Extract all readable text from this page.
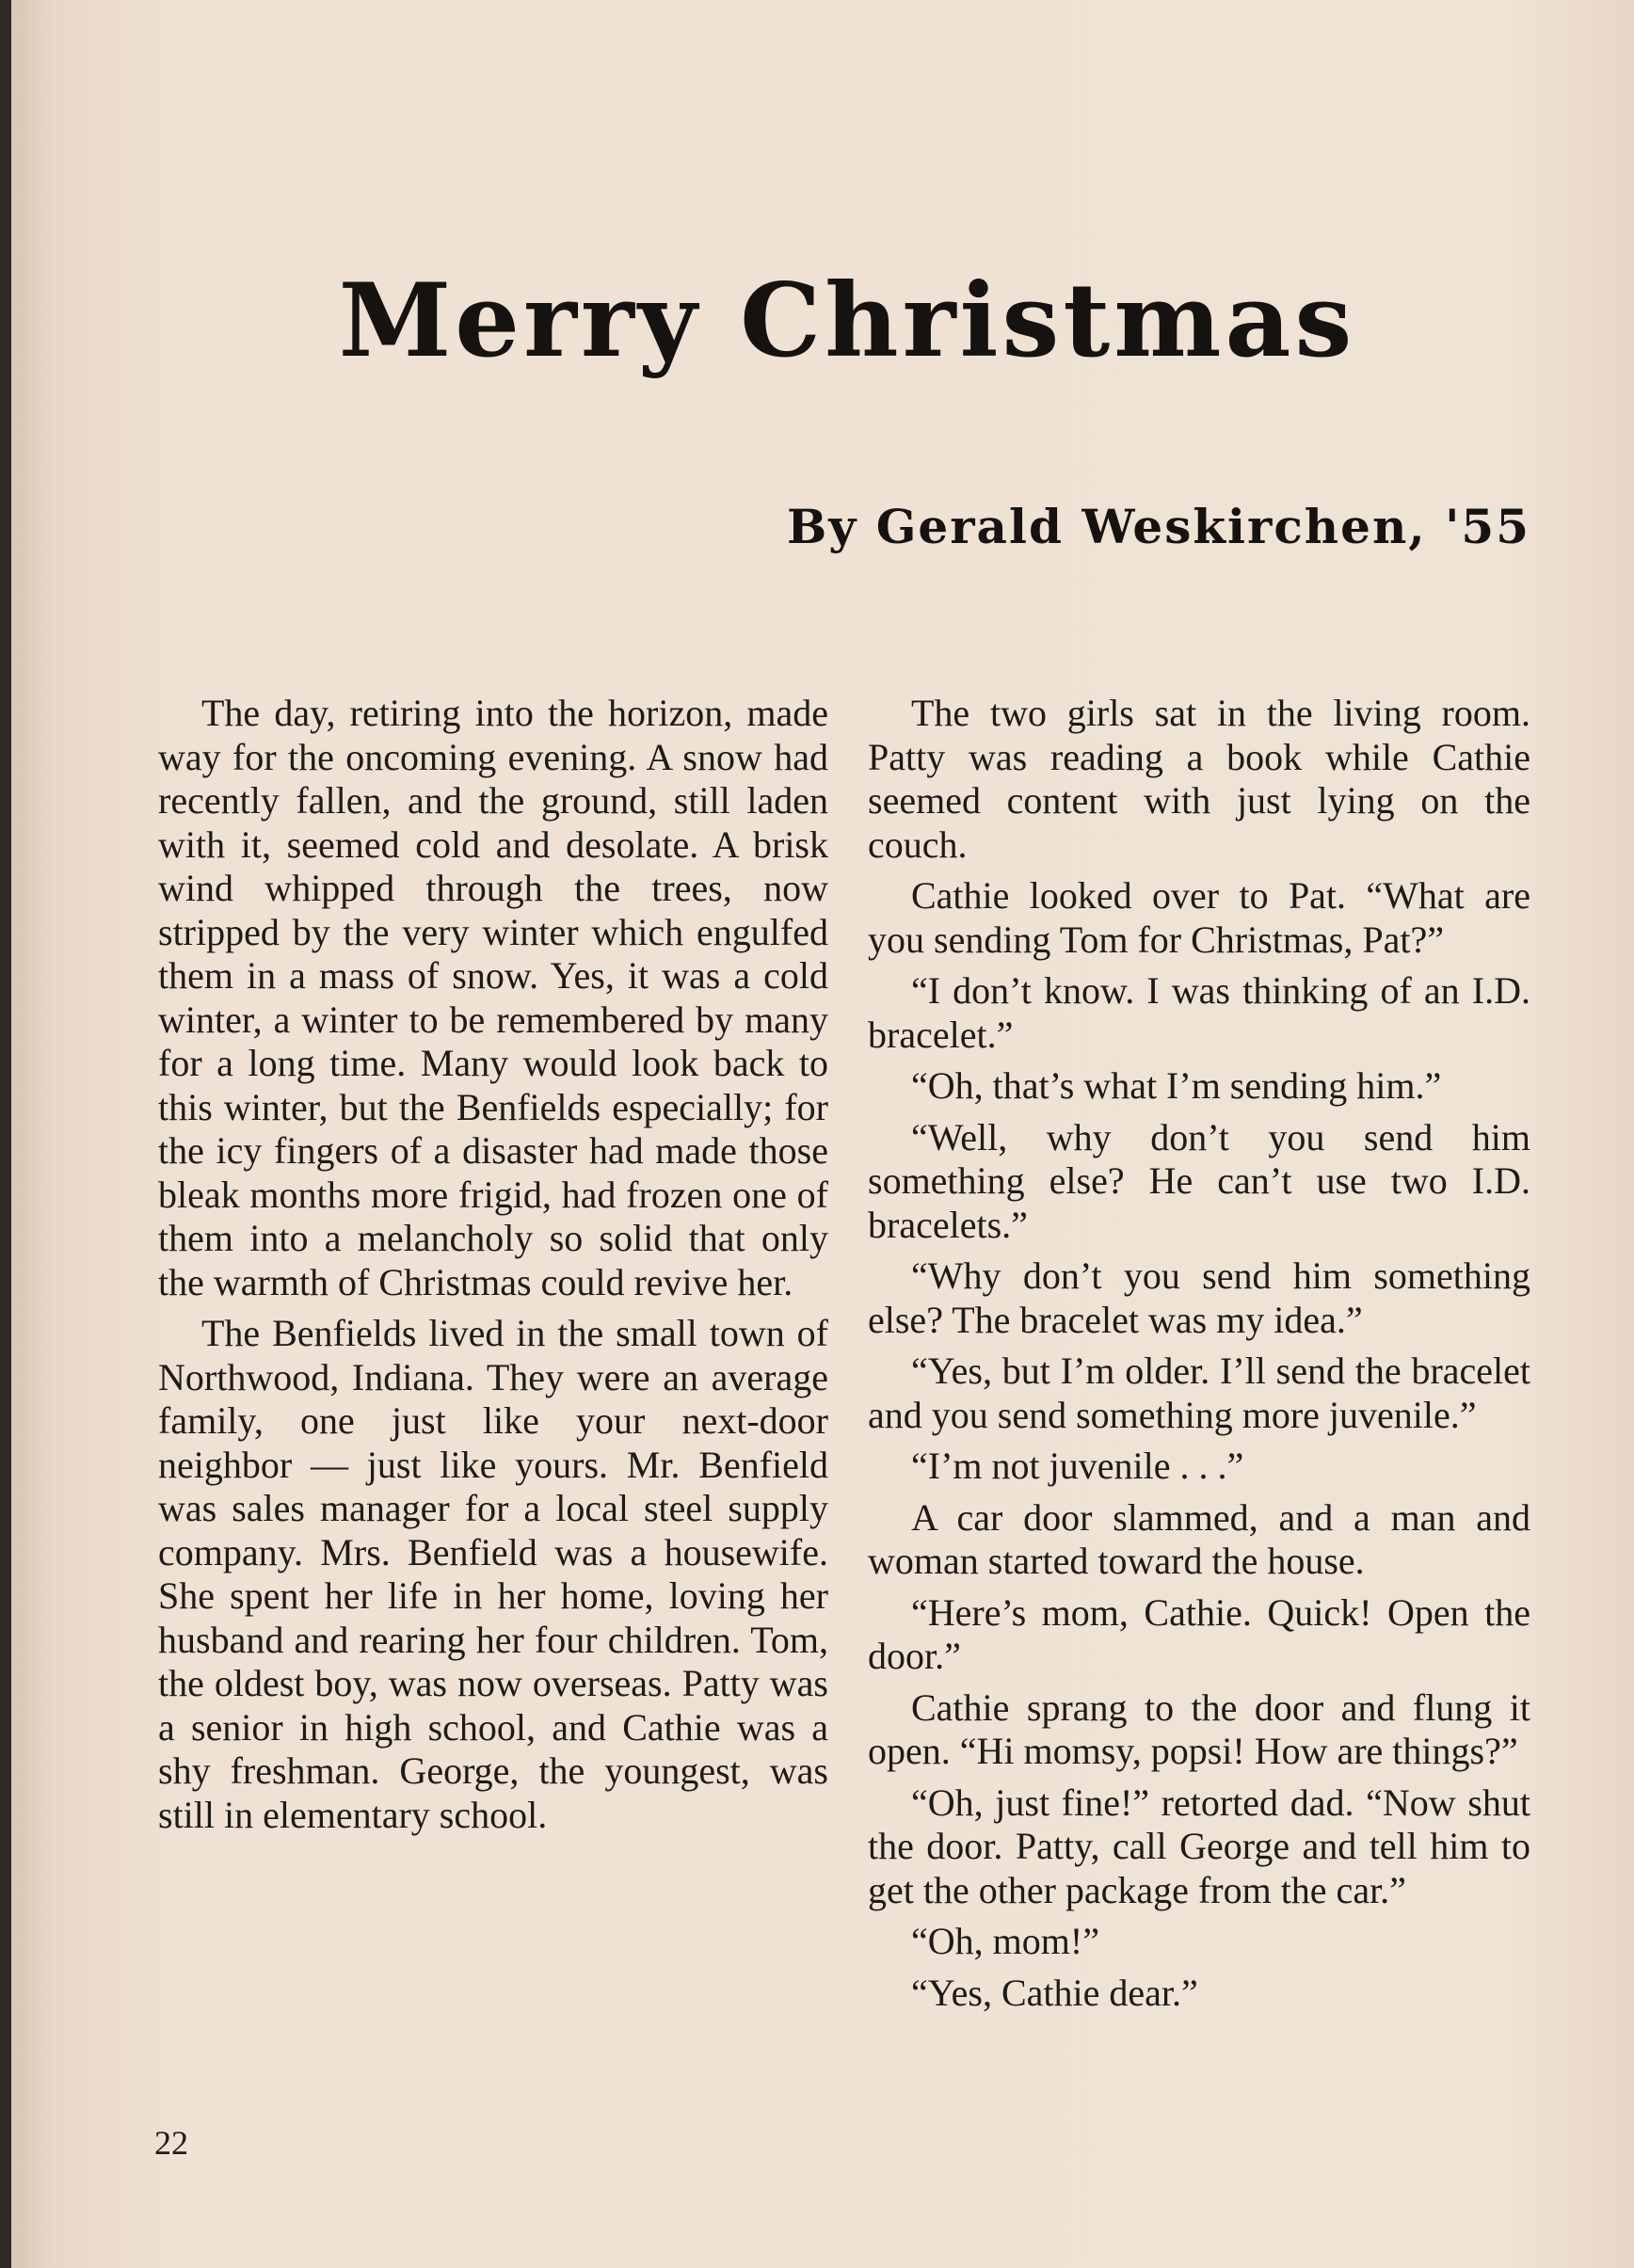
Merry Christmas
By Gerald Weskirchen, '55

The day, retiring into the horizon, made way for the oncoming evening. A snow had recently fallen, and the ground, still laden with it, seemed cold and desolate. A brisk wind whipped through the trees, now stripped by the very winter which engulfed them in a mass of snow. Yes, it was a cold winter, a winter to be remembered by many for a long time. Many would look back to this winter, but the Benfields especially; for the icy fingers of a disaster had made those bleak months more frigid, had frozen one of them into a melancholy so solid that only the warmth of Christmas could revive her.

The Benfields lived in the small town of Northwood, Indiana. They were an average family, one just like your next-door neighbor — just like yours. Mr. Benfield was sales manager for a local steel supply company. Mrs. Benfield was a housewife. She spent her life in her home, loving her husband and rearing her four children. Tom, the oldest boy, was now overseas. Patty was a senior in high school, and Cathie was a shy freshman. George, the youngest, was still in elementary school.

The two girls sat in the living room. Patty was reading a book while Cathie seemed content with just lying on the couch.

Cathie looked over to Pat. “What are you sending Tom for Christmas, Pat?”

“I don’t know. I was thinking of an I.D. bracelet.”

“Oh, that’s what I’m sending him.”

“Well, why don’t you send him something else? He can’t use two I.D. bracelets.”

“Why don’t you send him something else? The bracelet was my idea.”

“Yes, but I’m older. I’ll send the bracelet and you send something more juvenile.”

“I’m not juvenile . . .”

A car door slammed, and a man and woman started toward the house.

“Here’s mom, Cathie. Quick! Open the door.”

Cathie sprang to the door and flung it open. “Hi momsy, popsi! How are things?”

“Oh, just fine!” retorted dad. “Now shut the door. Patty, call George and tell him to get the other package from the car.”

“Oh, mom!”

“Yes, Cathie dear.”

22
